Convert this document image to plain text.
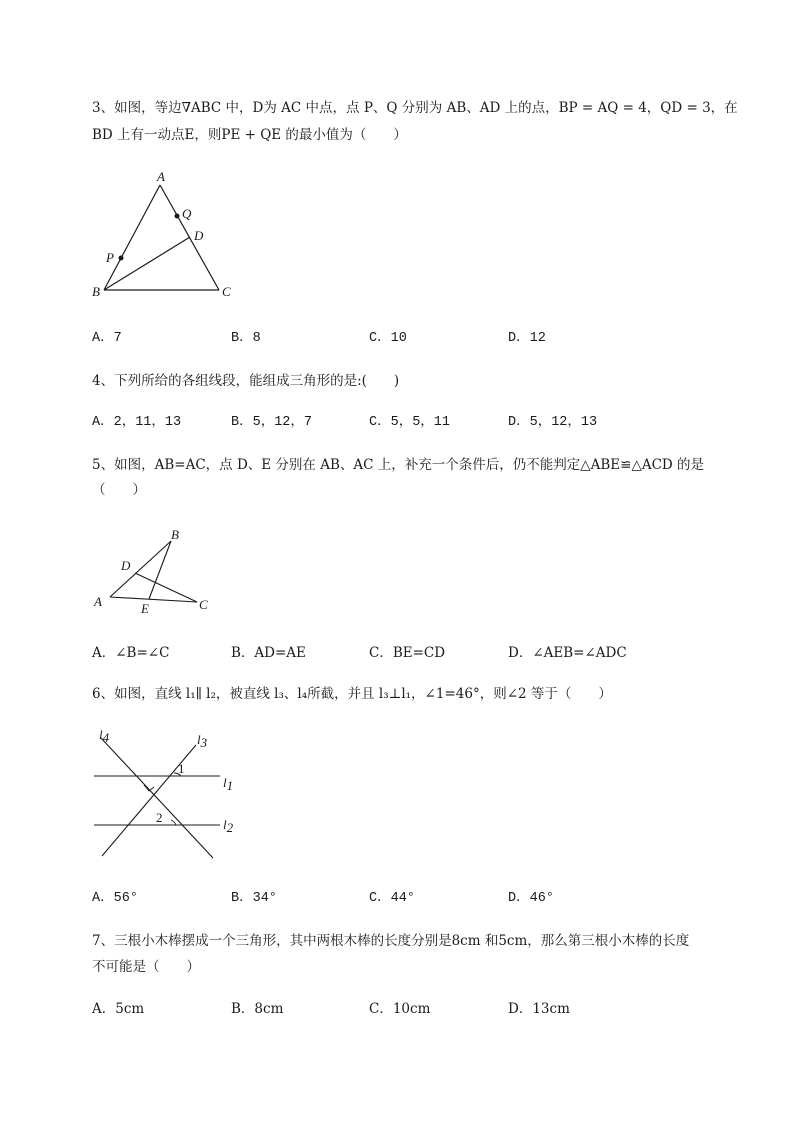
3、如图，等边∇ABC 中，D为 AC 中点，点 P、Q 分别为 AB、AD 上的点，BP = AQ = 4，QD = 3，在
BD 上有一动点E，则PE + QE 的最小值为（　　）
A
B	C
D
P
Q
A．7	B．8	C．10	D．12
4、下列所给的各组线段，能组成三角形的是:(　　)
A．2，11，13	B．5，12，7	C．5，5，11	D．5，12，13
5、如图，AB=AC，点 D、E 分别在 AB、AC 上，补充一个条件后，仍不能判定△ABE≌△ACD 的是
（　　）
A
B
C
D
E
A．∠B=∠C	B．AD=AE	C．BE=CD	D．∠AEB=∠ADC
6、如图，直线 l₁∥ l₂，被直线 l₃、l₄所截，并且 l₃⊥l₁，∠1=46°，则∠2 等于（　　）
l4	l3
l1
l2
1
2
A．56°	B．34°	C．44°	D．46°
7、三根小木棒摆成一个三角形，其中两根木棒的长度分别是8cm 和5cm，那么第三根小木棒的长度
不可能是（　　）
A．5cm	B．8cm	C．10cm	D．13cm
